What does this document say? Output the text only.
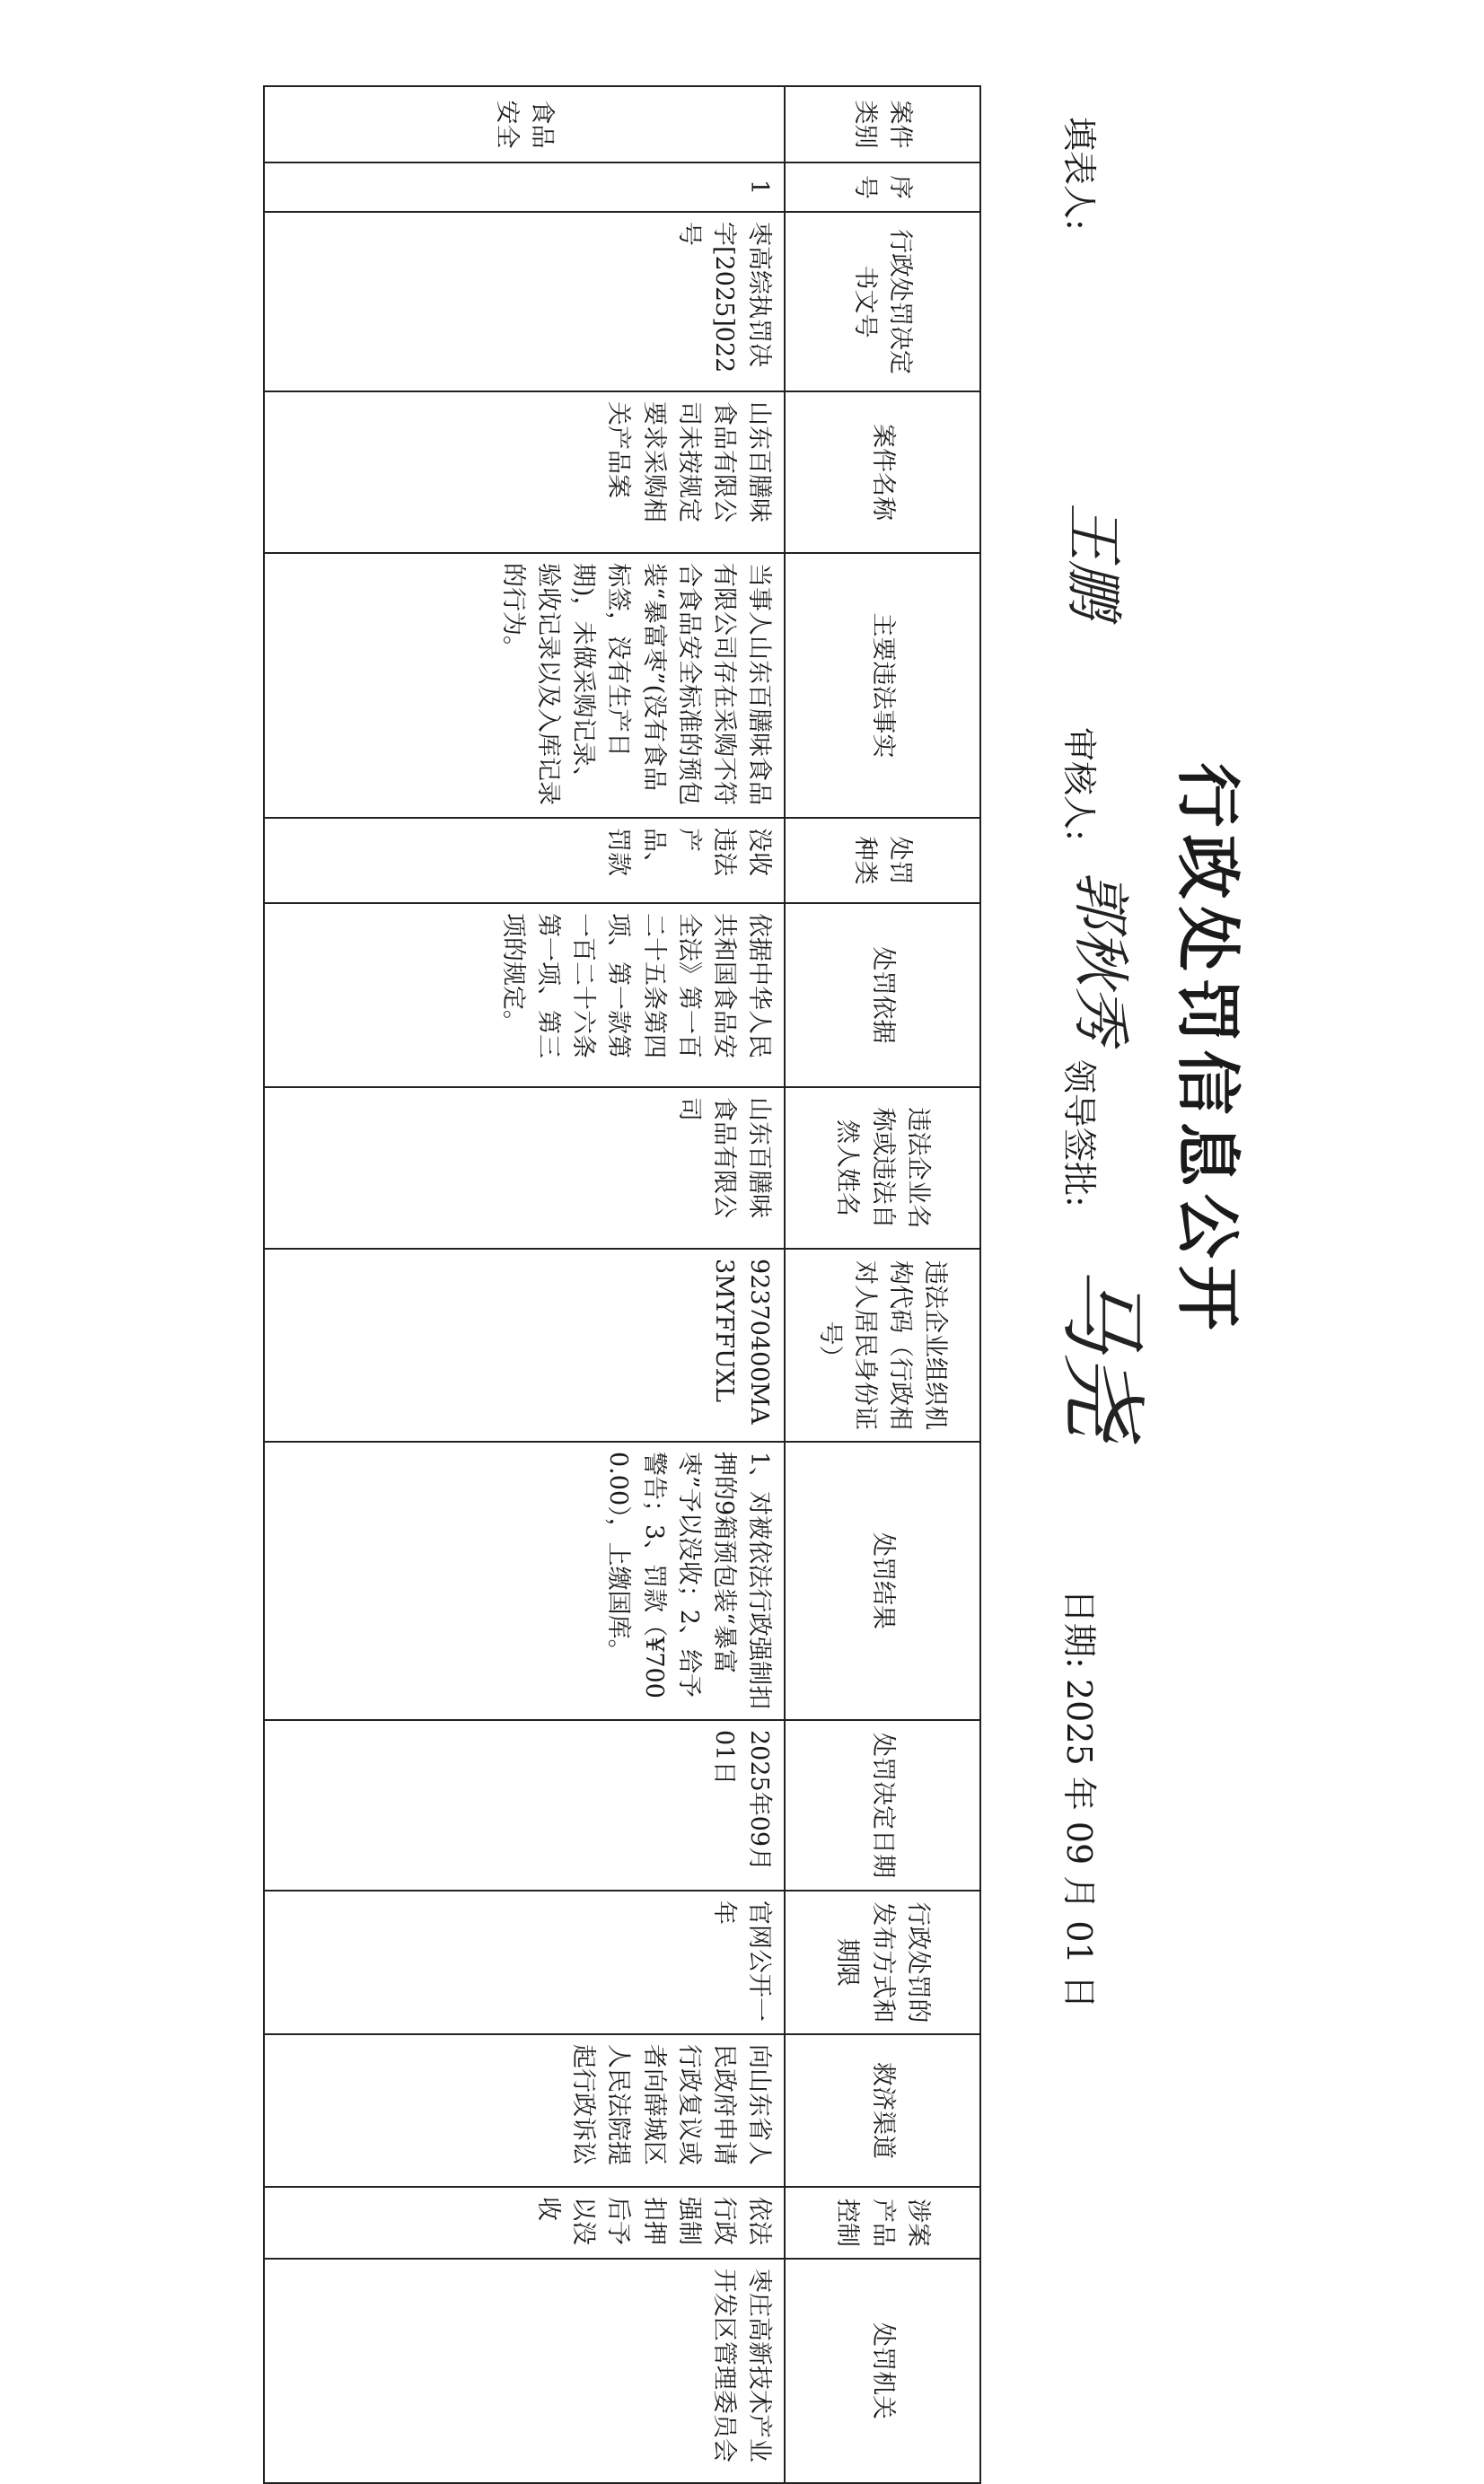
行政处罚信息公开
填表人:
王鹏
审核人:
郭秋秀
领导签批:
马尧
日期:
2025 年 09 月 01 日
案件类别	序号	行政处罚决定书文号	案件名称	主要违法事实	处罚种类	处罚依据	违法企业名称或违法自然人姓名	违法企业组织机构代码（行政相对人居民身份证号）	处罚结果	处罚决定日期	行政处罚的发布方式和期限	救济渠道	涉案产品控制	处罚机关
食品安全	1	枣高综执罚决字[2025]022号	山东百膳味食品有限公司未按规定要求采购相关产品案	当事人山东百膳味食品有限公司存在采购不符合食品安全标准的预包装“暴富枣”(没有食品标签，没有生产日期)，未做采购记录、验收记录以及入库记录的行为。	没收违法产品、罚款	依据中华人民共和国食品安全法》第一百二十五条第四项、第一款第一百二十六条第一项、第三项的规定。	山东百膳味食品有限公司	92370400MA3MYFFUXL	1、对被依法行政强制扣押的9箱预包装“暴富枣”予以没收；2、给予警告；3、罚款（¥7000.00），上缴国库。	2025年09月01日	官网公开一年	向山东省人民政府申请行政复议或者向薛城区人民法院提起行政诉讼	依法行政强制扣押后予以没收	枣庄高新技术产业开发区管理委员会
